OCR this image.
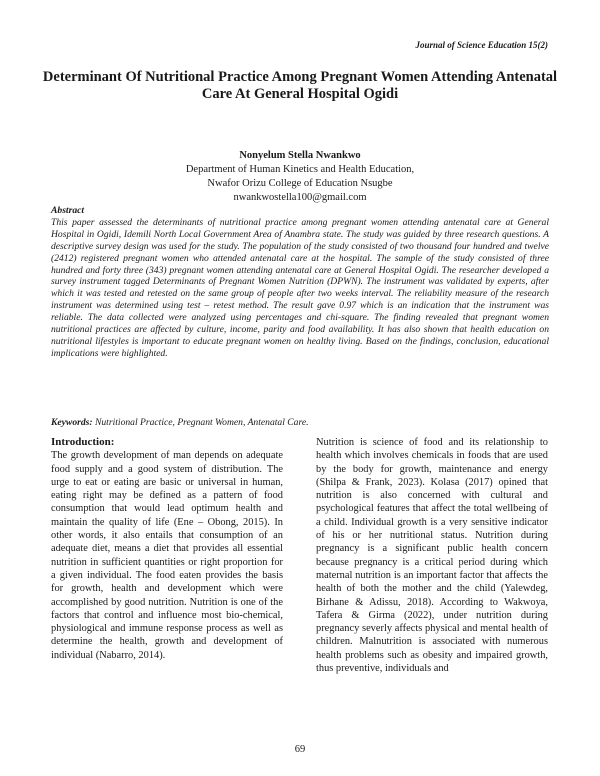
Journal of Science Education 15(2)
Determinant Of Nutritional Practice Among Pregnant Women Attending Antenatal Care At General Hospital Ogidi
Nonyelum Stella Nwankwo
Department of Human Kinetics and Health Education,
Nwafor Orizu College of Education Nsugbe
nwankwostella100@gmail.com
Abstract
This paper assessed the determinants of nutritional practice among pregnant women attending antenatal care at General Hospital in Ogidi, Idemili North Local Government Area of Anambra state. The study was guided by three research questions. A descriptive survey design was used for the study. The population of the study consisted of two thousand four hundred and twelve (2412) registered pregnant women who attended antenatal care at the hospital. The sample of the study consisted of three hundred and forty three (343) pregnant women attending antenatal care at General Hospital Ogidi. The researcher developed a survey instrument tagged Determinants of Pregnant Women Nutrition (DPWN). The instrument was validated by experts, after which it was tested and retested on the same group of people after two weeks interval. The reliability measure of the research instrument was determined using test – retest method. The result gave 0.97 which is an indication that the instrument was reliable. The data collected were analyzed using percentages and chi-square. The finding revealed that pregnant women nutritional practices are affected by culture, income, parity and food availability. It has also shown that health education on nutritional lifestyles is important to educate pregnant women on healthy living. Based on the findings, conclusion, educational implications were highlighted.
Keywords: Nutritional Practice, Pregnant Women, Antenatal Care.
Introduction:

The growth development of man depends on adequate food supply and a good system of distribution. The urge to eat or eating are basic or universal in human, eating right may be defined as a pattern of food consumption that would lead optimum health and maintain the quality of life (Ene – Obong, 2015). In other words, it also entails that consumption of an adequate diet, means a diet that provides all essential nutrition in sufficient quantities or right proportion for a given individual. The food eaten provides the basis for growth, health and development which were accomplished by good nutrition. Nutrition is one of the factors that control and influence most bio-chemical, physiological and immune response process as well as determine the health, growth and development of individual (Nabarro, 2014).

Nutrition is science of food and its relationship to health which involves chemicals in foods that are used by the body for growth, maintenance and energy (Shilpa & Frank, 2023). Kolasa (2017) opined that nutrition is also concerned with cultural and psychological features that affect the total wellbeing of a child. Individual growth is a very sensitive indicator of his or her nutritional status. Nutrition during pregnancy is a significant public health concern because pregnancy is a critical period during which maternal nutrition is an important factor that affects the health of both the mother and the child (Yalewdeg, Birhane & Adissu, 2018). According to Wakwoya, Tafera & Girma (2022), under nutrition during pregnancy severly affects physical and mental health of children. Malnutrition is associated with numerous health problems such as obesity and impaired growth, thus preventive, individuals and

69
